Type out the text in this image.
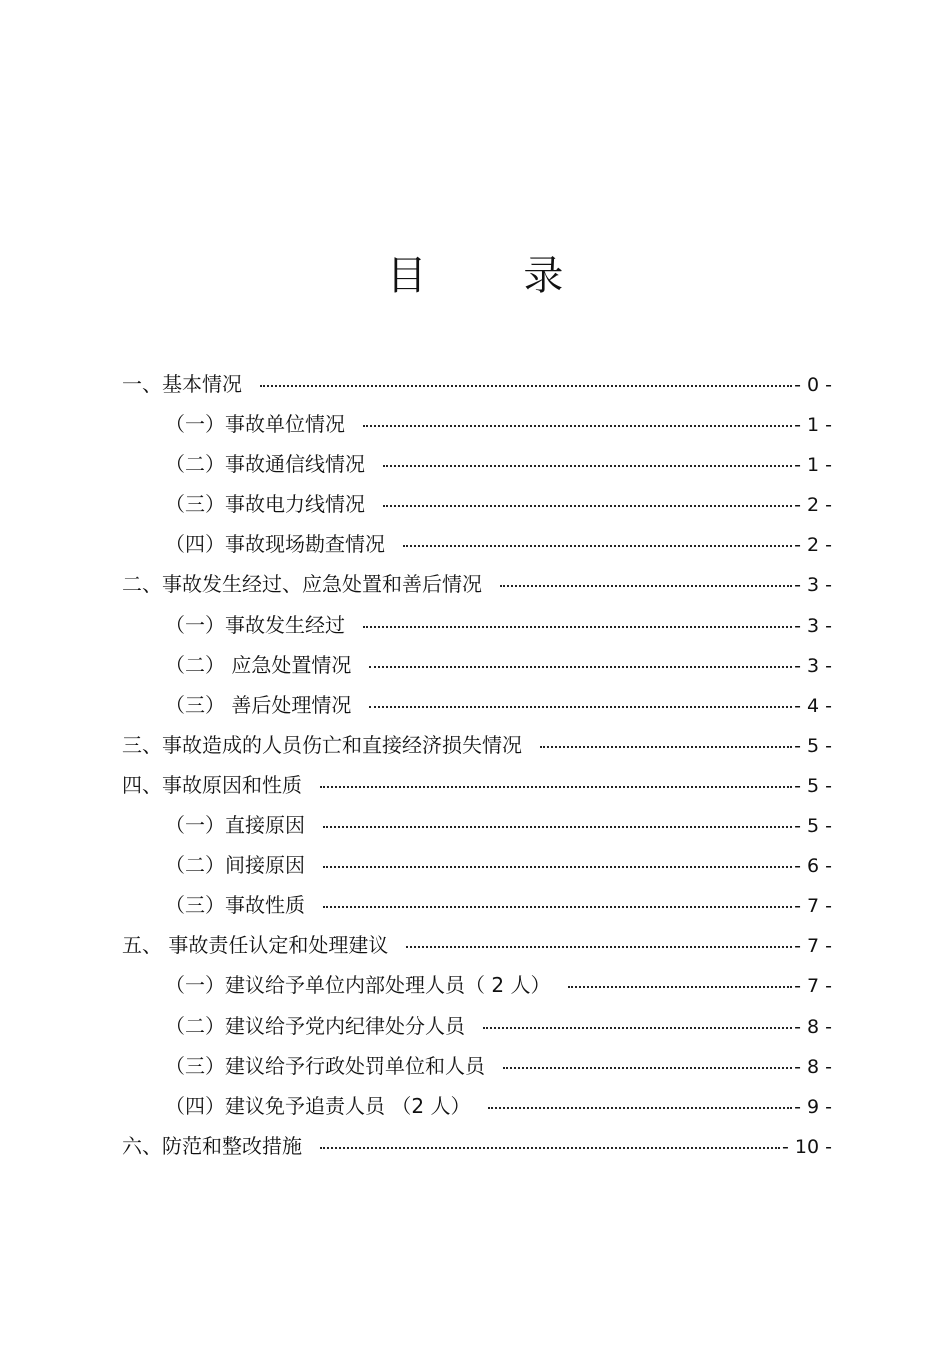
目 录
一、基本情况	- 0 -
（一）事故单位情况	- 1 -
（二）事故通信线情况	- 1 -
（三）事故电力线情况	- 2 -
（四）事故现场勘查情况	- 2 -
二、事故发生经过、应急处置和善后情况	- 3 -
（一）事故发生经过	- 3 -
（二） 应急处置情况	- 3 -
（三） 善后处理情况	- 4 -
三、事故造成的人员伤亡和直接经济损失情况	- 5 -
四、事故原因和性质	- 5 -
（一）直接原因	- 5 -
（二）间接原因	- 6 -
（三）事故性质	- 7 -
五、 事故责任认定和处理建议	- 7 -
（一）建议给予单位内部处理人员（ 2 人）	- 7 -
（二）建议给予党内纪律处分人员	- 8 -
（三）建议给予行政处罚单位和人员	- 8 -
（四）建议免予追责人员 （2 人）	- 9 -
六、防范和整改措施	- 10 -
